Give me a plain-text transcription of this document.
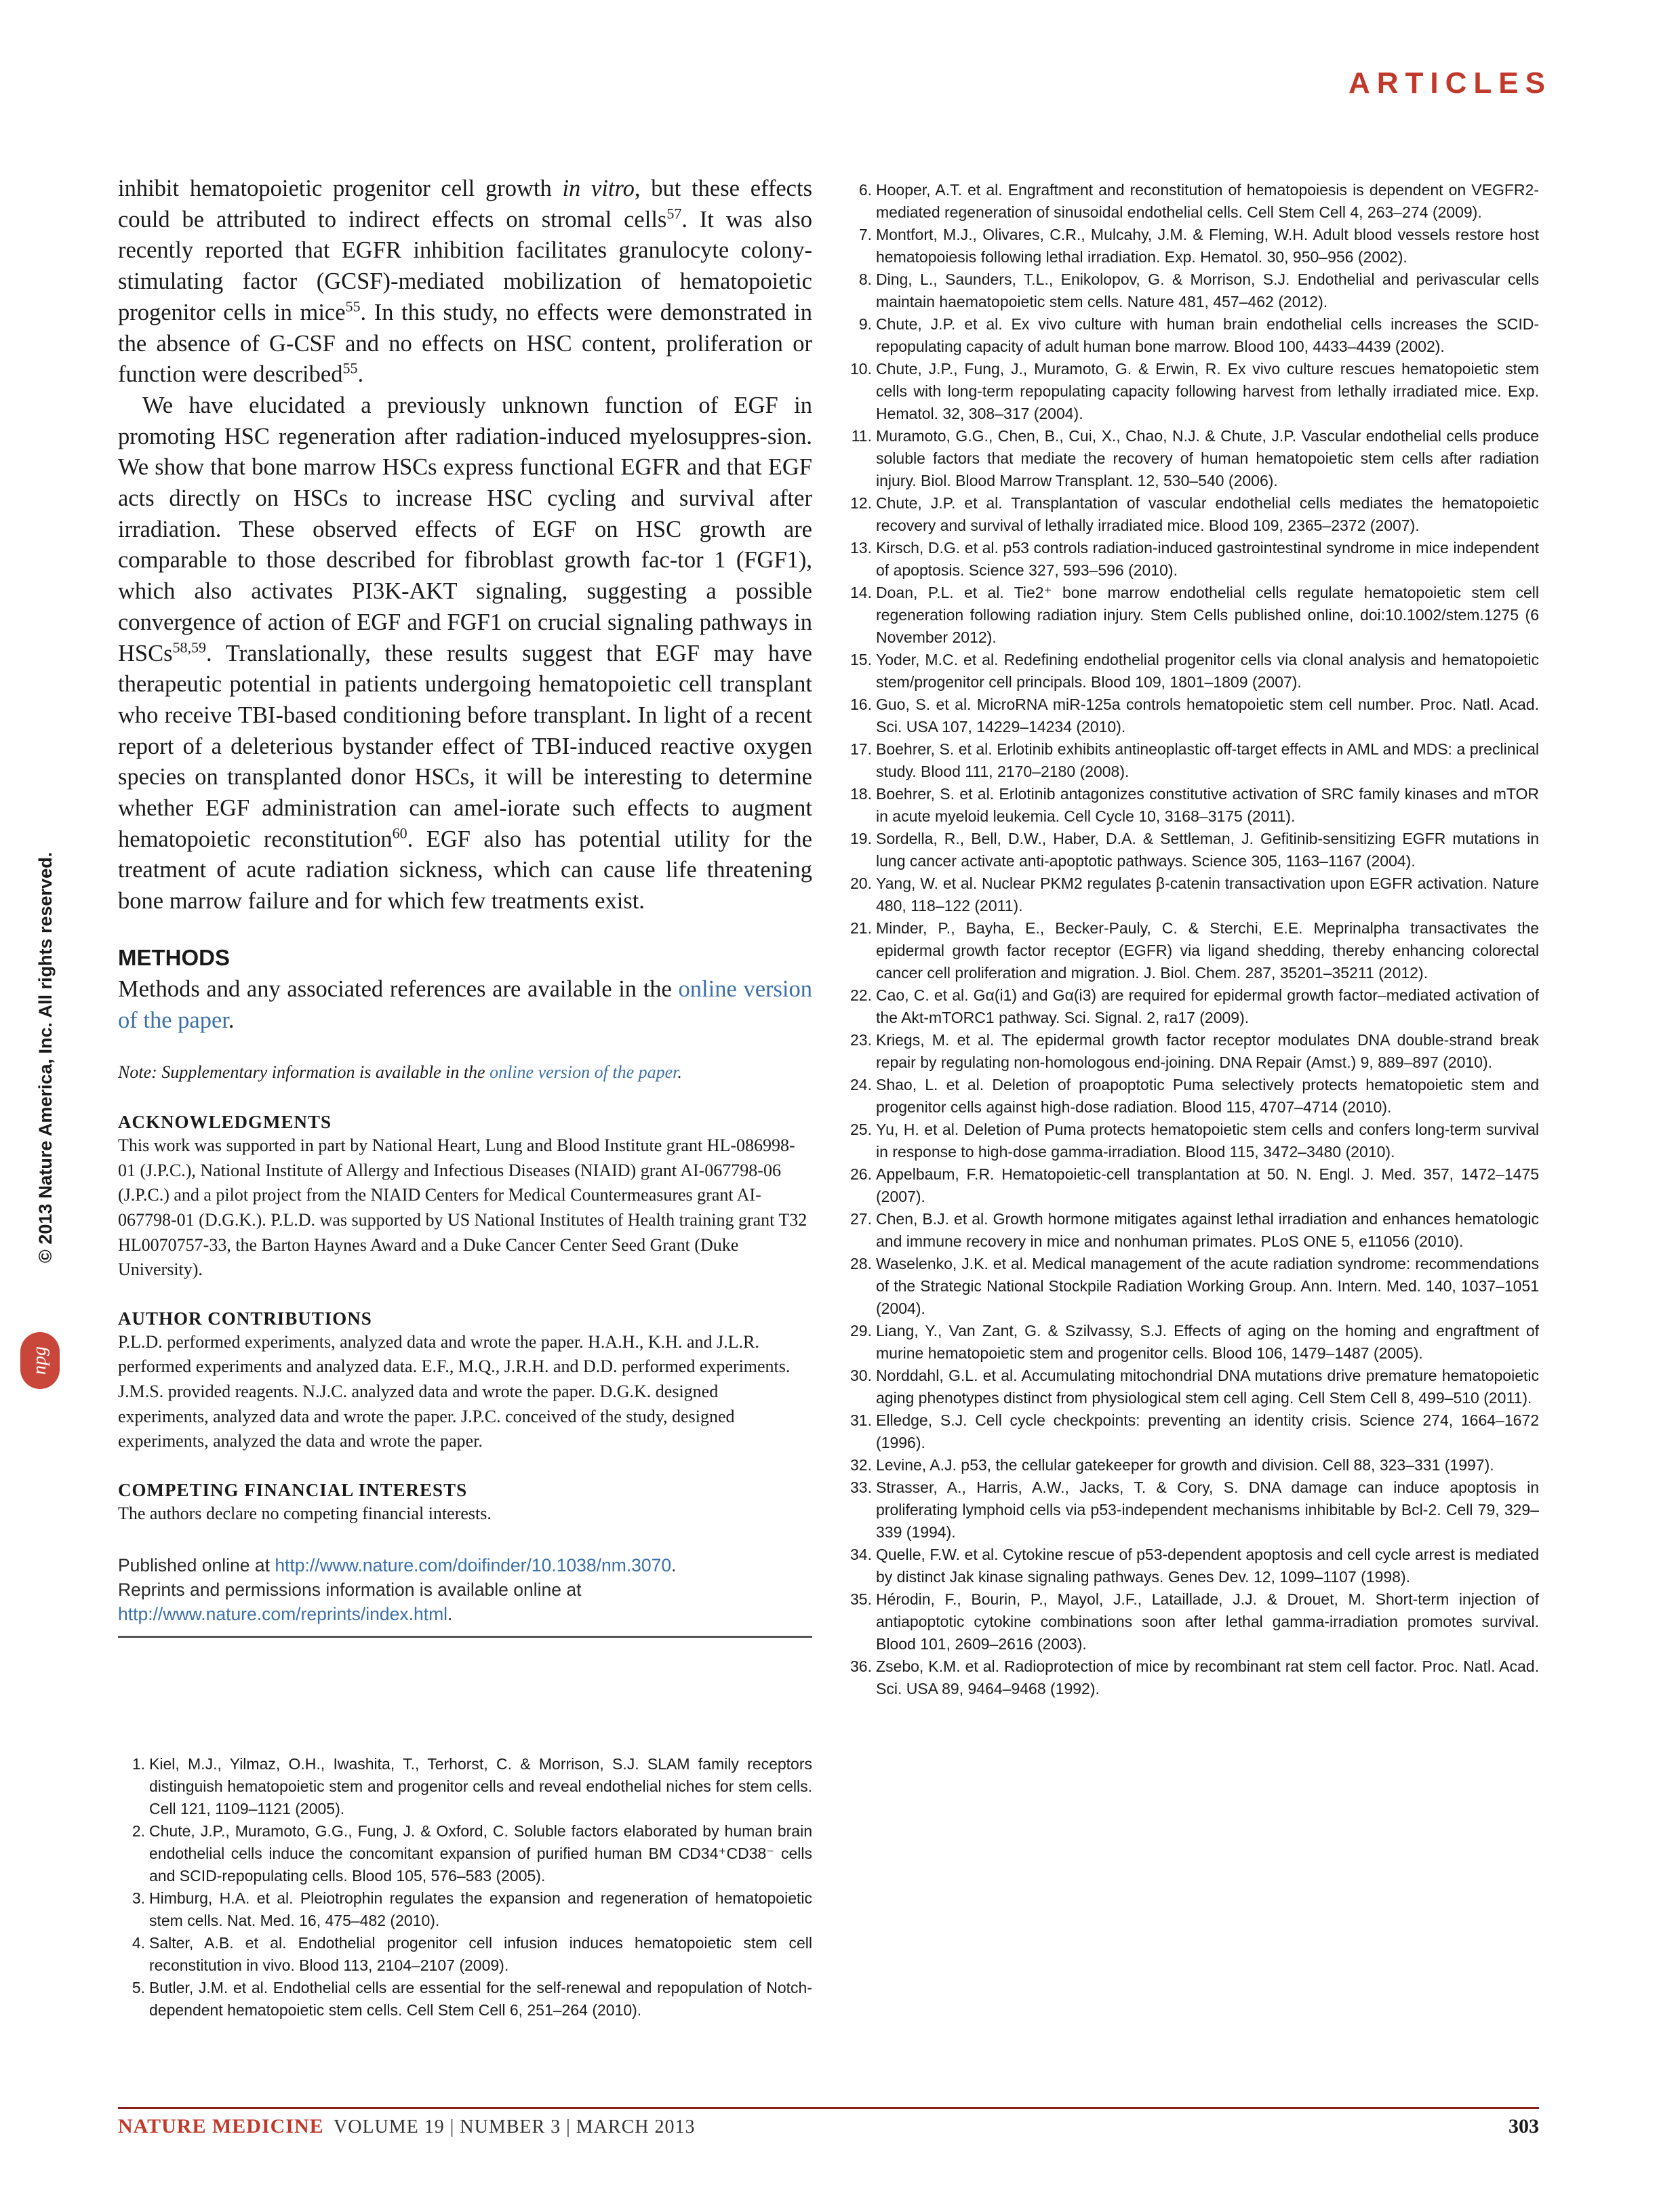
ARTICLES
© 2013 Nature America, Inc. All rights reserved.
npg

inhibit hematopoietic progenitor cell growth in vitro, but these effects could be attributed to indirect effects on stromal cells$^{57}$. It was also recently reported that EGFR inhibition facilitates granulocyte colony-stimulating factor (GCSF)-mediated mobilization of hematopoietic progenitor cells in mice$^{55}$. In this study, no effects were demonstrated in the absence of G-CSF and no effects on HSC content, proliferation or function were described$^{55}$.

We have elucidated a previously unknown function of EGF in promoting HSC regeneration after radiation-induced myelosuppres-sion. We show that bone marrow HSCs express functional EGFR and that EGF acts directly on HSCs to increase HSC cycling and survival after irradiation. These observed effects of EGF on HSC growth are comparable to those described for fibroblast growth fac-tor 1 (FGF1), which also activates PI3K-AKT signaling, suggesting a possible convergence of action of EGF and FGF1 on crucial signaling pathways in HSCs$^{58,59}$. Translationally, these results suggest that EGF may have therapeutic potential in patients undergoing hematopoietic cell transplant who receive TBI-based conditioning before transplant. In light of a recent report of a deleterious bystander effect of TBI-induced reactive oxygen species on transplanted donor HSCs, it will be interesting to determine whether EGF administration can amel-iorate such effects to augment hematopoietic reconstitution$^{60}$. EGF also has potential utility for the treatment of acute radiation sickness, which can cause life threatening bone marrow failure and for which few treatments exist.

METHODS

Methods and any associated references are available in the online version of the paper.

Note: Supplementary information is available in the online version of the paper.

ACKNOWLEDGMENTS

This work was supported in part by National Heart, Lung and Blood Institute grant HL-086998-01 (J.P.C.), National Institute of Allergy and Infectious Diseases (NIAID) grant AI-067798-06 (J.P.C.) and a pilot project from the NIAID Centers for Medical Countermeasures grant AI-067798-01 (D.G.K.). P.L.D. was supported by US National Institutes of Health training grant T32 HL0070757-33, the Barton Haynes Award and a Duke Cancer Center Seed Grant (Duke University).

AUTHOR CONTRIBUTIONS

P.L.D. performed experiments, analyzed data and wrote the paper. H.A.H., K.H. and J.L.R. performed experiments and analyzed data. E.F., M.Q., J.R.H. and D.D. performed experiments. J.M.S. provided reagents. N.J.C. analyzed data and wrote the paper. D.G.K. designed experiments, analyzed data and wrote the paper. J.P.C. conceived of the study, designed experiments, analyzed the data and wrote the paper.

COMPETING FINANCIAL INTERESTS

The authors declare no competing financial interests.

Published online at http://www.nature.com/doifinder/10.1038/nm.3070.
Reprints and permissions information is available online at http://www.nature.com/reprints/index.html.

1. Kiel, M.J., Yilmaz, O.H., Iwashita, T., Terhorst, C. & Morrison, S.J. SLAM family receptors distinguish hematopoietic stem and progenitor cells and reveal endothelial niches for stem cells. Cell 121, 1109–1121 (2005).
2. Chute, J.P., Muramoto, G.G., Fung, J. & Oxford, C. Soluble factors elaborated by human brain endothelial cells induce the concomitant expansion of purified human BM CD34⁺CD38⁻ cells and SCID-repopulating cells. Blood 105, 576–583 (2005).
3. Himburg, H.A. et al. Pleiotrophin regulates the expansion and regeneration of hematopoietic stem cells. Nat. Med. 16, 475–482 (2010).
4. Salter, A.B. et al. Endothelial progenitor cell infusion induces hematopoietic stem cell reconstitution in vivo. Blood 113, 2104–2107 (2009).
5. Butler, J.M. et al. Endothelial cells are essential for the self-renewal and repopulation of Notch-dependent hematopoietic stem cells. Cell Stem Cell 6, 251–264 (2010).
6. Hooper, A.T. et al. Engraftment and reconstitution of hematopoiesis is dependent on VEGFR2-mediated regeneration of sinusoidal endothelial cells. Cell Stem Cell 4, 263–274 (2009).
7. Montfort, M.J., Olivares, C.R., Mulcahy, J.M. & Fleming, W.H. Adult blood vessels restore host hematopoiesis following lethal irradiation. Exp. Hematol. 30, 950–956 (2002).
8. Ding, L., Saunders, T.L., Enikolopov, G. & Morrison, S.J. Endothelial and perivascular cells maintain haematopoietic stem cells. Nature 481, 457–462 (2012).
9. Chute, J.P. et al. Ex vivo culture with human brain endothelial cells increases the SCID-repopulating capacity of adult human bone marrow. Blood 100, 4433–4439 (2002).
10. Chute, J.P., Fung, J., Muramoto, G. & Erwin, R. Ex vivo culture rescues hematopoietic stem cells with long-term repopulating capacity following harvest from lethally irradiated mice. Exp. Hematol. 32, 308–317 (2004).
11. Muramoto, G.G., Chen, B., Cui, X., Chao, N.J. & Chute, J.P. Vascular endothelial cells produce soluble factors that mediate the recovery of human hematopoietic stem cells after radiation injury. Biol. Blood Marrow Transplant. 12, 530–540 (2006).
12. Chute, J.P. et al. Transplantation of vascular endothelial cells mediates the hematopoietic recovery and survival of lethally irradiated mice. Blood 109, 2365–2372 (2007).
13. Kirsch, D.G. et al. p53 controls radiation-induced gastrointestinal syndrome in mice independent of apoptosis. Science 327, 593–596 (2010).
14. Doan, P.L. et al. Tie2⁺ bone marrow endothelial cells regulate hematopoietic stem cell regeneration following radiation injury. Stem Cells published online, doi:10.1002/stem.1275 (6 November 2012).
15. Yoder, M.C. et al. Redefining endothelial progenitor cells via clonal analysis and hematopoietic stem/progenitor cell principals. Blood 109, 1801–1809 (2007).
16. Guo, S. et al. MicroRNA miR-125a controls hematopoietic stem cell number. Proc. Natl. Acad. Sci. USA 107, 14229–14234 (2010).
17. Boehrer, S. et al. Erlotinib exhibits antineoplastic off-target effects in AML and MDS: a preclinical study. Blood 111, 2170–2180 (2008).
18. Boehrer, S. et al. Erlotinib antagonizes constitutive activation of SRC family kinases and mTOR in acute myeloid leukemia. Cell Cycle 10, 3168–3175 (2011).
19. Sordella, R., Bell, D.W., Haber, D.A. & Settleman, J. Gefitinib-sensitizing EGFR mutations in lung cancer activate anti-apoptotic pathways. Science 305, 1163–1167 (2004).
20. Yang, W. et al. Nuclear PKM2 regulates β-catenin transactivation upon EGFR activation. Nature 480, 118–122 (2011).
21. Minder, P., Bayha, E., Becker-Pauly, C. & Sterchi, E.E. Meprinalpha transactivates the epidermal growth factor receptor (EGFR) via ligand shedding, thereby enhancing colorectal cancer cell proliferation and migration. J. Biol. Chem. 287, 35201–35211 (2012).
22. Cao, C. et al. Gα(i1) and Gα(i3) are required for epidermal growth factor–mediated activation of the Akt-mTORC1 pathway. Sci. Signal. 2, ra17 (2009).
23. Kriegs, M. et al. The epidermal growth factor receptor modulates DNA double-strand break repair by regulating non-homologous end-joining. DNA Repair (Amst.) 9, 889–897 (2010).
24. Shao, L. et al. Deletion of proapoptotic Puma selectively protects hematopoietic stem and progenitor cells against high-dose radiation. Blood 115, 4707–4714 (2010).
25. Yu, H. et al. Deletion of Puma protects hematopoietic stem cells and confers long-term survival in response to high-dose gamma-irradiation. Blood 115, 3472–3480 (2010).
26. Appelbaum, F.R. Hematopoietic-cell transplantation at 50. N. Engl. J. Med. 357, 1472–1475 (2007).
27. Chen, B.J. et al. Growth hormone mitigates against lethal irradiation and enhances hematologic and immune recovery in mice and nonhuman primates. PLoS ONE 5, e11056 (2010).
28. Waselenko, J.K. et al. Medical management of the acute radiation syndrome: recommendations of the Strategic National Stockpile Radiation Working Group. Ann. Intern. Med. 140, 1037–1051 (2004).
29. Liang, Y., Van Zant, G. & Szilvassy, S.J. Effects of aging on the homing and engraftment of murine hematopoietic stem and progenitor cells. Blood 106, 1479–1487 (2005).
30. Norddahl, G.L. et al. Accumulating mitochondrial DNA mutations drive premature hematopoietic aging phenotypes distinct from physiological stem cell aging. Cell Stem Cell 8, 499–510 (2011).
31. Elledge, S.J. Cell cycle checkpoints: preventing an identity crisis. Science 274, 1664–1672 (1996).
32. Levine, A.J. p53, the cellular gatekeeper for growth and division. Cell 88, 323–331 (1997).
33. Strasser, A., Harris, A.W., Jacks, T. & Cory, S. DNA damage can induce apoptosis in proliferating lymphoid cells via p53-independent mechanisms inhibitable by Bcl-2. Cell 79, 329–339 (1994).
34. Quelle, F.W. et al. Cytokine rescue of p53-dependent apoptosis and cell cycle arrest is mediated by distinct Jak kinase signaling pathways. Genes Dev. 12, 1099–1107 (1998).
35. Hérodin, F., Bourin, P., Mayol, J.F., Lataillade, J.J. & Drouet, M. Short-term injection of antiapoptotic cytokine combinations soon after lethal gamma-irradiation promotes survival. Blood 101, 2609–2616 (2003).
36. Zsebo, K.M. et al. Radioprotection of mice by recombinant rat stem cell factor. Proc. Natl. Acad. Sci. USA 89, 9464–9468 (1992).
NATURE MEDICINE VOLUME 19 | NUMBER 3 | MARCH 2013	303
